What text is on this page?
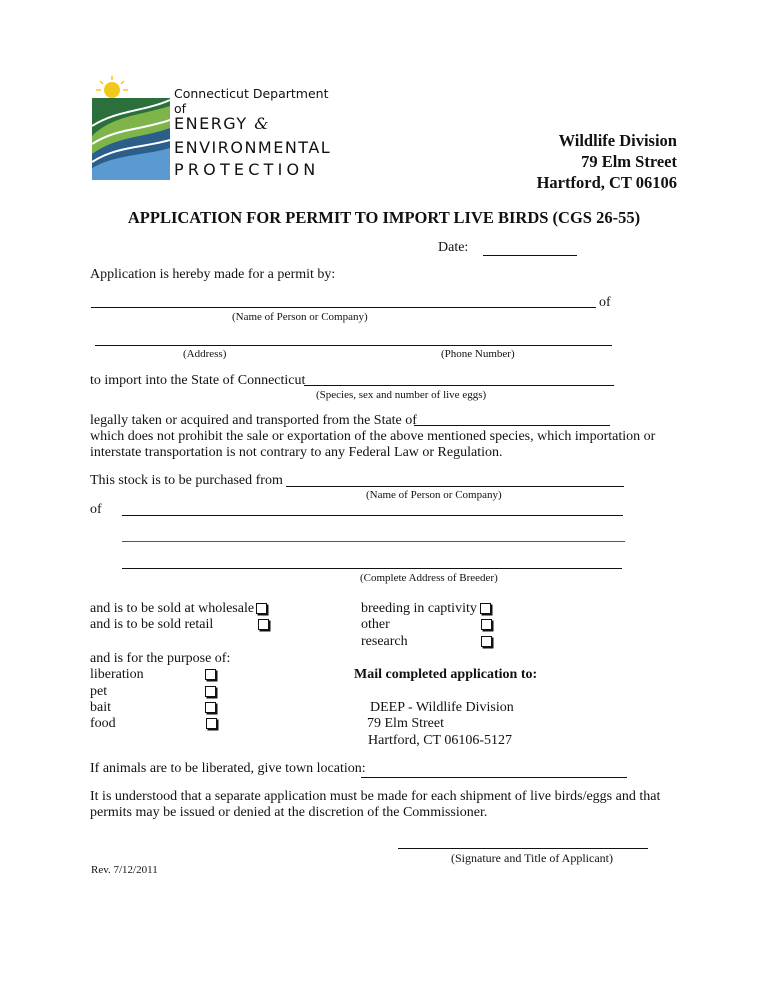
Connecticut Department of
ENERGY &
ENVIRONMENTAL
PROTECTION
Wildlife Division
79 Elm Street
Hartford, CT 06106
APPLICATION FOR PERMIT TO IMPORT LIVE BIRDS (CGS 26-55)
Date:
Application is hereby made for a permit by:
of
(Name of Person or Company)
(Address)	(Phone Number)
to import into the State of Connecticut
(Species, sex and number of live eggs)
legally taken or acquired and transported from the State of
which does not prohibit the sale or exportation of the above mentioned species, which importation or
interstate transportation is not contrary to any Federal Law or Regulation.
This stock is to be purchased from
(Name of Person or Company)
of
(Complete Address of Breeder)
and is to be sold at wholesale
and is to be sold retail
breeding in captivity
other
research
and is for the purpose of:
liberation
pet
bait
food
Mail completed application to:
DEEP - Wildlife Division
79 Elm Street
Hartford, CT 06106-5127
If animals are to be liberated, give town location:
It is understood that a separate application must be made for each shipment of live birds/eggs and that
permits may be issued or denied at the discretion of the Commissioner.
(Signature and Title of Applicant)
Rev. 7/12/2011
